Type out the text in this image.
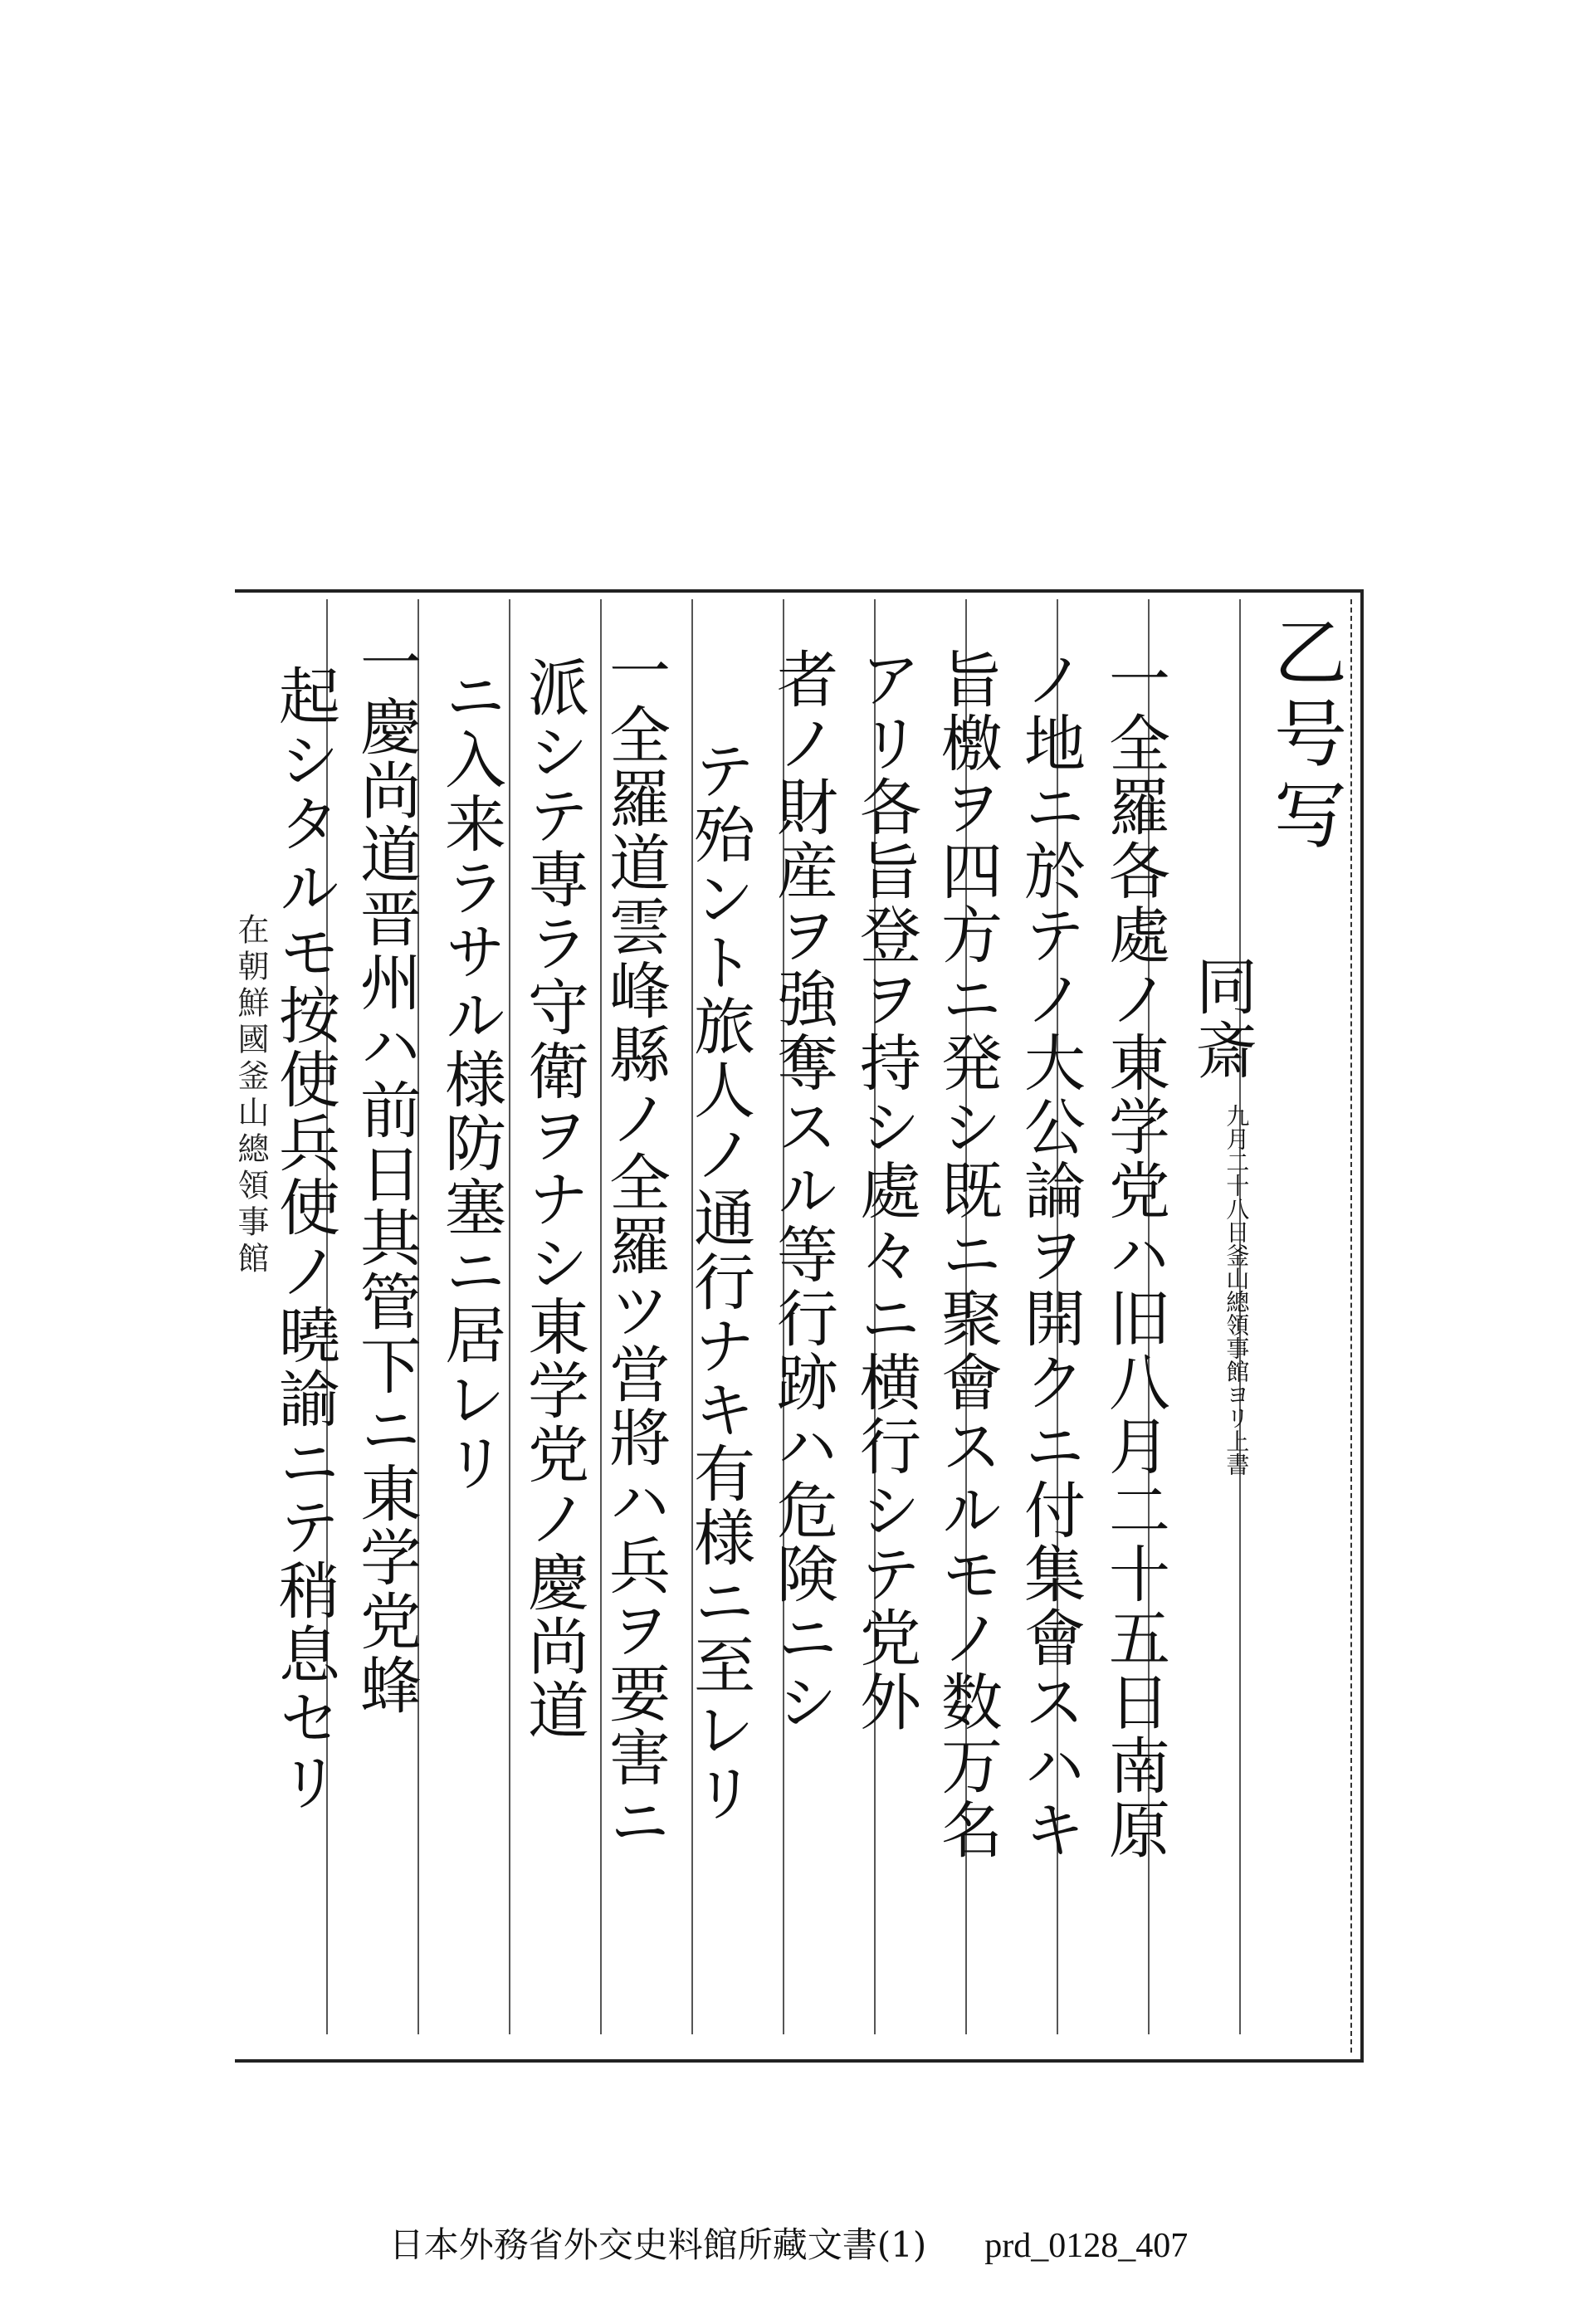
在朝鮮國釜山總領事館
乙号写
同斎
九月二十八日釜山總領事館ヨリ上書
一全羅各處ノ東学党ハ旧八月二十五日南原
ノ地ニ於テノ大公論ヲ開クニ付集會スハキ
旨檄ヲ四方ニ発シ既ニ聚會スルモノ数万名
アリ各旨登ヲ持シ處々ニ横行シテ党外
者ノ財産ヲ強奪スル等行跡ハ危険ニシ
テ殆ント旅人ノ通行ナキ有様ニ至レリ
一全羅道雲峰縣ノ全羅ツ営將ハ兵ヲ要害ニ
派シテ専ラ守衛ヲナシ東学党ノ慶尚道
ニ入来ラサル様防塞ニ居レリ
一慶尚道晋州ハ前日其管下ニ東学党蜂
起シタルモ按使兵使ノ曉諭ニテ稍息セリ
日本外務省外交史料館所藏文書(1) prd_0128_407
